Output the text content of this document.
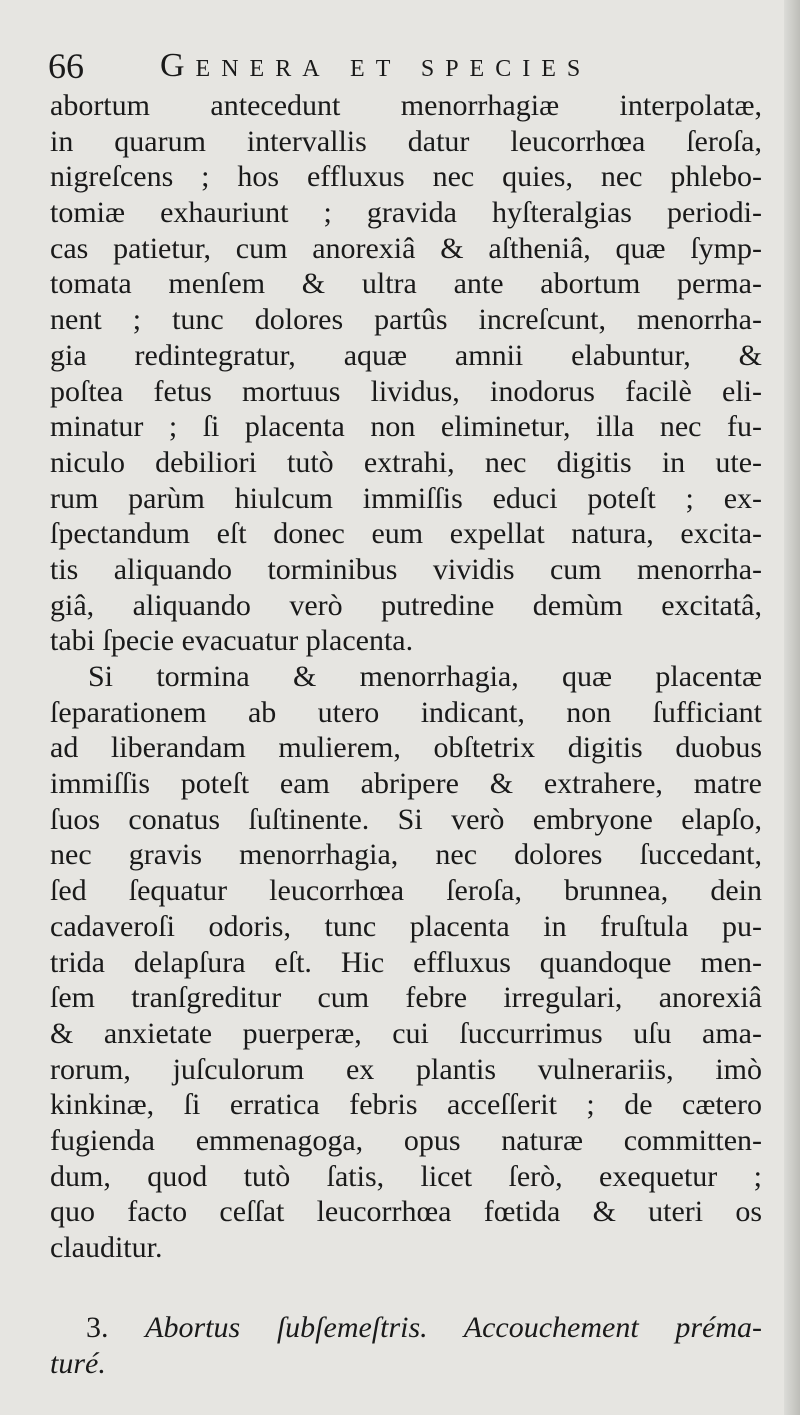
66 Genera et species
abortum antecedunt menorrhagiæ interpolatæ,
in quarum intervallis datur leucorrhœa ſeroſa,
nigreſcens ; hos effluxus nec quies, nec phlebo-
tomiæ exhauriunt ; gravida hyſteralgias periodi-
cas patietur, cum anorexiâ & aſtheniâ, quæ ſymp-
tomata menſem & ultra ante abortum perma-
nent ; tunc dolores partûs increſcunt, menorrha-
gia redintegratur, aquæ amnii elabuntur, &
poſtea fetus mortuus lividus, inodorus facilè eli-
minatur ; ſi placenta non eliminetur, illa nec fu-
niculo debiliori tutò extrahi, nec digitis in ute-
rum parùm hiulcum immiſſis educi poteſt ; ex-
ſpectandum eſt donec eum expellat natura, excita-
tis aliquando torminibus vividis cum menorrha-
giâ, aliquando verò putredine demùm excitatâ,
tabi ſpecie evacuatur placenta.
Si tormina & menorrhagia, quæ placentæ
ſeparationem ab utero indicant, non ſufficiant
ad liberandam mulierem, obſtetrix digitis duobus
immiſſis poteſt eam abripere & extrahere, matre
ſuos conatus ſuſtinente. Si verò embryone elapſo,
nec gravis menorrhagia, nec dolores ſuccedant,
ſed ſequatur leucorrhœa ſeroſa, brunnea, dein
cadaveroſi odoris, tunc placenta in fruſtula pu-
trida delapſura eſt. Hic effluxus quandoque men-
ſem tranſgreditur cum febre irregulari, anorexiâ
& anxietate puerperæ, cui ſuccurrimus uſu ama-
rorum, juſculorum ex plantis vulnerariis, imò
kinkinæ, ſi erratica febris acceſſerit ; de cætero
fugienda emmenagoga, opus naturæ committen-
dum, quod tutò ſatis, licet ſerò, exequetur ;
quo facto ceſſat leucorrhœa fœtida & uteri os
clauditur.
3. Abortus ſubſemeſtris. Accouchement préma-
turé.
